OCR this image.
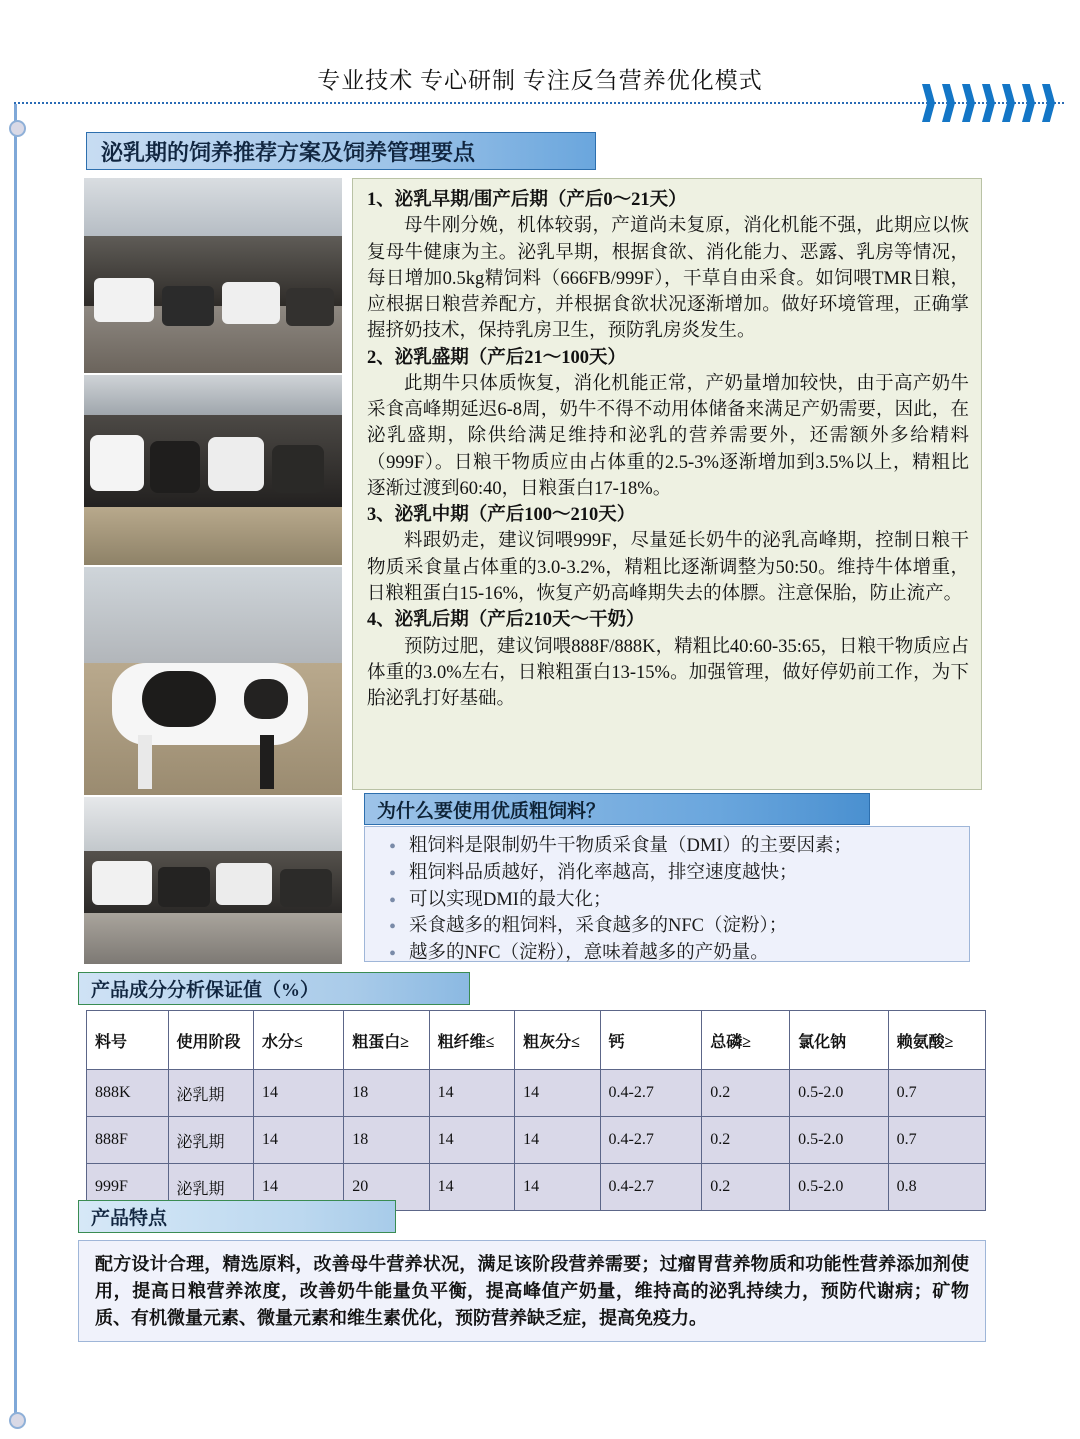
专业技术 专心研制 专注反刍营养优化模式
泌乳期的饲养推荐方案及饲养管理要点

1、泌乳早期/围产后期（产后0～21天）

母牛刚分娩，机体较弱，产道尚未复原，消化机能不强，此期应以恢复母牛健康为主。泌乳早期，根据食欲、消化能力、恶露、乳房等情况，每日增加0.5kg精饲料（666FB/999F），干草自由采食。如饲喂TMR日粮，应根据日粮营养配方，并根据食欲状况逐渐增加。做好环境管理，正确掌握挤奶技术，保持乳房卫生，预防乳房炎发生。

2、泌乳盛期（产后21～100天）

此期牛只体质恢复，消化机能正常，产奶量增加较快，由于高产奶牛采食高峰期延迟6-8周，奶牛不得不动用体储备来满足产奶需要，因此，在泌乳盛期，除供给满足维持和泌乳的营养需要外，还需额外多给精料（999F）。日粮干物质应由占体重的2.5-3%逐渐增加到3.5%以上，精粗比逐渐过渡到60:40，日粮蛋白17-18%。

3、泌乳中期（产后100～210天）

料跟奶走，建议饲喂999F，尽量延长奶牛的泌乳高峰期，控制日粮干物质采食量占体重的3.0-3.2%，精粗比逐渐调整为50:50。维持牛体增重，日粮粗蛋白15-16%，恢复产奶高峰期失去的体膘。注意保胎，防止流产。

4、泌乳后期（产后210天～干奶）

预防过肥，建议饲喂888F/888K，精粗比40:60-35:65，日粮干物质应占体重的3.0%左右，日粮粗蛋白13-15%。加强管理，做好停奶前工作，为下胎泌乳打好基础。

为什么要使用优质粗饲料？
• 粗饲料是限制奶牛干物质采食量（DMI）的主要因素；
• 粗饲料品质越好，消化率越高，排空速度越快；
• 可以实现DMI的最大化；
• 采食越多的粗饲料，采食越多的NFC（淀粉）；
• 越多的NFC（淀粉），意味着越多的产奶量。
产品成分分析保证值（%）
料号	使用阶段	水分≤	粗蛋白≥	粗纤维≤	粗灰分≤	钙	总磷≥	氯化钠	赖氨酸≥
888K	泌乳期	14	18	14	14	0.4-2.7	0.2	0.5-2.0	0.7
888F	泌乳期	14	18	14	14	0.4-2.7	0.2	0.5-2.0	0.7
999F	泌乳期	14	20	14	14	0.4-2.7	0.2	0.5-2.0	0.8
产品特点
配方设计合理，精选原料，改善母牛营养状况，满足该阶段营养需要；过瘤胃营养物质和功能性营养添加剂使用，提高日粮营养浓度，改善奶牛能量负平衡，提高峰值产奶量，维持高的泌乳持续力，预防代谢病；矿物质、有机微量元素、微量元素和维生素优化，预防营养缺乏症，提高免疫力。
